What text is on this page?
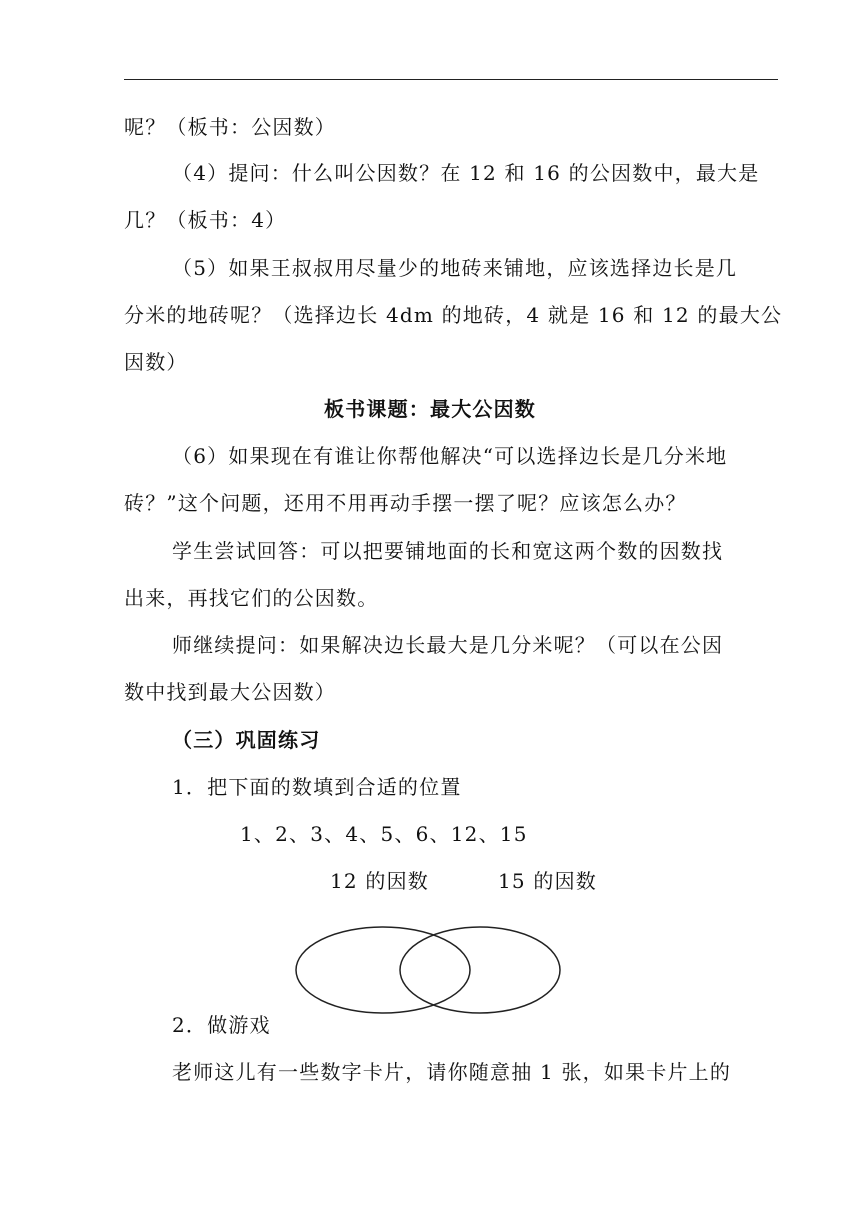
呢？（板书：公因数）
（4）提问：什么叫公因数？在 12 和 16 的公因数中，最大是
几？（板书：4）
（5）如果王叔叔用尽量少的地砖来铺地，应该选择边长是几
分米的地砖呢？（选择边长 4dm 的地砖，4 就是 16 和 12 的最大公
因数）
板书课题：最大公因数
（6）如果现在有谁让你帮他解决“可以选择边长是几分米地
砖？”这个问题，还用不用再动手摆一摆了呢？应该怎么办？
学生尝试回答：可以把要铺地面的长和宽这两个数的因数找
出来，再找它们的公因数。
师继续提问：如果解决边长最大是几分米呢？（可以在公因
数中找到最大公因数）
（三）巩固练习
1．把下面的数填到合适的位置
1、2、3、4、5、6、12、15
12 的因数	15 的因数
2．做游戏
老师这儿有一些数字卡片，请你随意抽 1 张，如果卡片上的
